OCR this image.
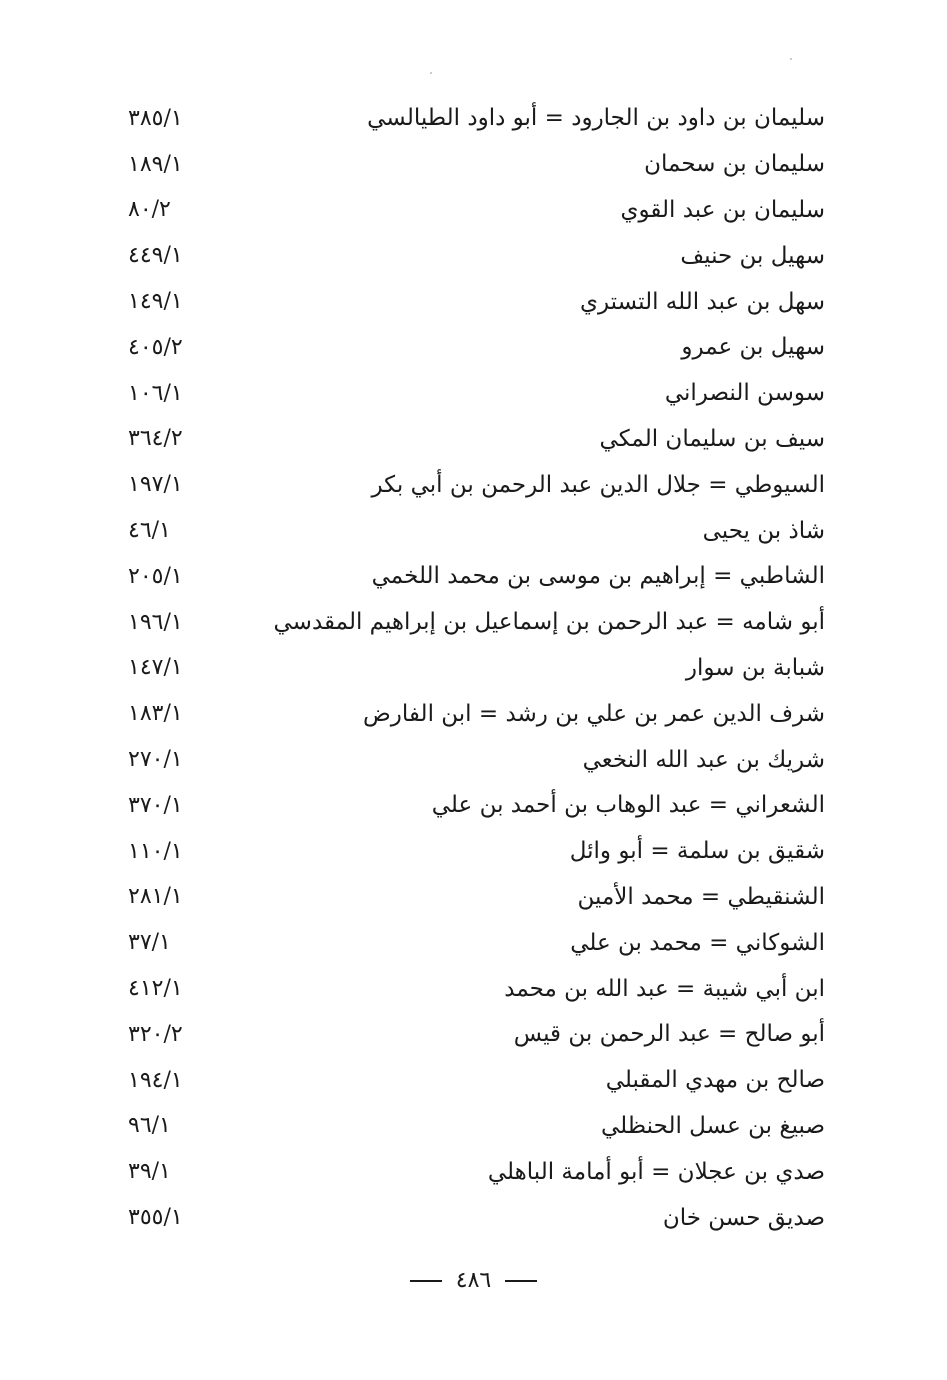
سليمان بن داود بن الجارود = أبو داود الطيالسي
٣٨٥/١
سليمان بن سحمان
١٨٩/١
سليمان بن عبد القوي
٨٠/٢
سهيل بن حنيف
٤٤٩/١
سهل بن عبد الله التستري
١٤٩/١
سهيل بن عمرو
٤٠٥/٢
سوسن النصراني
١٠٦/١
سيف بن سليمان المكي
٣٦٤/٢
السيوطي = جلال الدين عبد الرحمن بن أبي بكر
١٩٧/١
شاذ بن يحيى
٤٦/١
الشاطبي = إبراهيم بن موسى بن محمد اللخمي
٢٠٥/١
أبو شامه = عبد الرحمن بن إسماعيل بن إبراهيم المقدسي
١٩٦/١
شبابة بن سوار
١٤٧/١
شرف الدين عمر بن علي بن رشد = ابن الفارض
١٨٣/١
شريك بن عبد الله النخعي
٢٧٠/١
الشعراني = عبد الوهاب بن أحمد بن علي
٣٧٠/١
شقيق بن سلمة = أبو وائل
١١٠/١
الشنقيطي = محمد الأمين
٢٨١/١
الشوكاني = محمد بن علي
٣٧/١
ابن أبي شيبة = عبد الله بن محمد
٤١٢/١
أبو صالح = عبد الرحمن بن قيس
٣٢٠/٢
صالح بن مهدي المقبلي
١٩٤/١
صبيغ بن عسل الحنظلي
٩٦/١
صدي بن عجلان = أبو أمامة الباهلي
٣٩/١
صديق حسن خان
٣٥٥/١
٤٨٦
